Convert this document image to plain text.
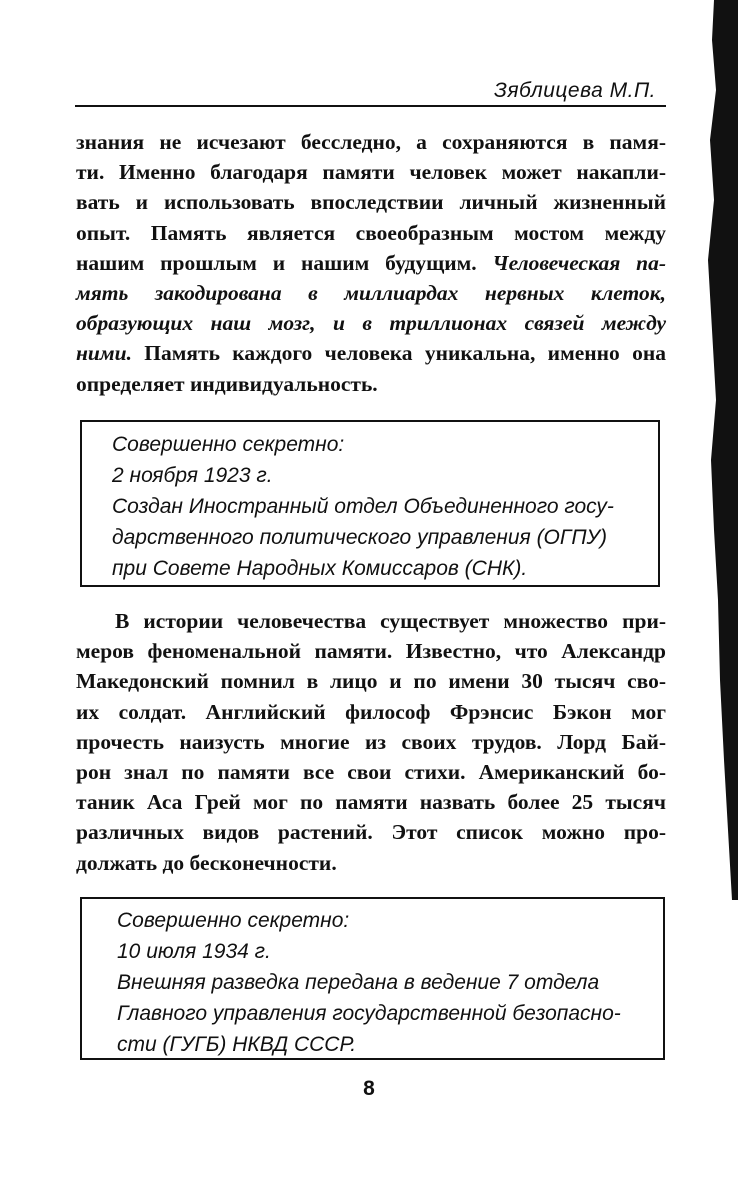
Зяблицева М.П.
знания не исчезают бесследно, а сохраняются в памя-
ти. Именно благодаря памяти человек может накапли-
вать и использовать впоследствии личный жизненный
опыт. Память является своеобразным мостом между
нашим прошлым и нашим будущим. Человеческая па-
мять закодирована в миллиардах нервных клеток,
образующих наш мозг, и в триллионах связей между
ними. Память каждого человека уникальна, именно она
определяет индивидуальность.
Совершенно секретно:
2 ноября 1923 г.
Создан Иностранный отдел Объединенного госу-
дарственного политического управления (ОГПУ)
при Совете Народных Комиссаров (СНК).
В истории человечества существует множество при-
меров феноменальной памяти. Известно, что Александр
Македонский помнил в лицо и по имени 30 тысяч сво-
их солдат. Английский философ Фрэнсис Бэкон мог
прочесть наизусть многие из своих трудов. Лорд Бай-
рон знал по памяти все свои стихи. Американский бо-
таник Аса Грей мог по памяти назвать более 25 тысяч
различных видов растений. Этот список можно про-
должать до бесконечности.
Совершенно секретно:
10 июля 1934 г.
Внешняя разведка передана в ведение 7 отдела
Главного управления государственной безопасно-
сти (ГУГБ) НКВД СССР.
8
